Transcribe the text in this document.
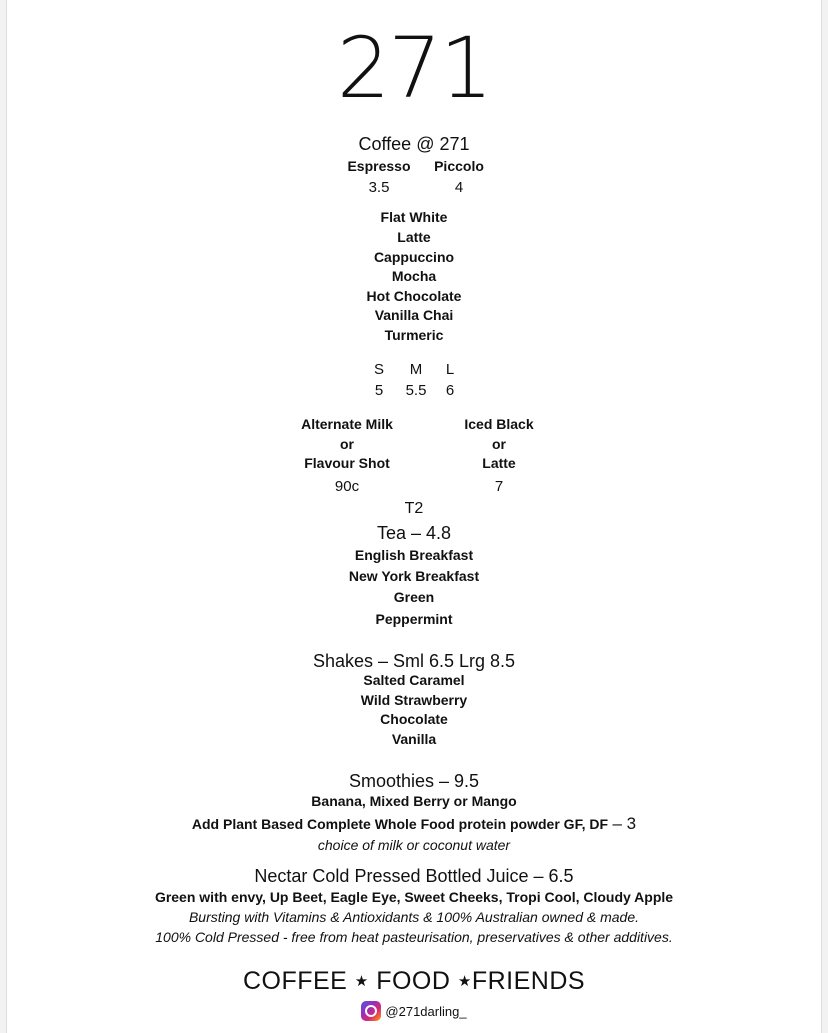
271
Coffee @ 271
Espresso
3.5
Piccolo
4
Flat White
Latte
Cappuccino
Mocha
Hot Chocolate
Vanilla Chai
Turmeric
S
5
M
5.5
L
6
Alternate Milk
or
Flavour Shot
90c
Iced Black
or
Latte
7
T2
Tea – 4.8
English Breakfast
New York Breakfast
Green
Peppermint
Shakes – Sml 6.5 Lrg 8.5
Salted Caramel
Wild Strawberry
Chocolate
Vanilla
Smoothies – 9.5
Banana, Mixed Berry or Mango
Add Plant Based Complete Whole Food protein powder GF, DF – 3
choice of milk or coconut water
Nectar Cold Pressed Bottled Juice – 6.5
Green with envy, Up Beet, Eagle Eye, Sweet Cheeks, Tropi Cool, Cloudy Apple
Bursting with Vitamins & Antioxidants & 100% Australian owned & made.
100% Cold Pressed - free from heat pasteurisation, preservatives & other additives.
COFFEE ★ FOOD ★FRIENDS
@271darling_
